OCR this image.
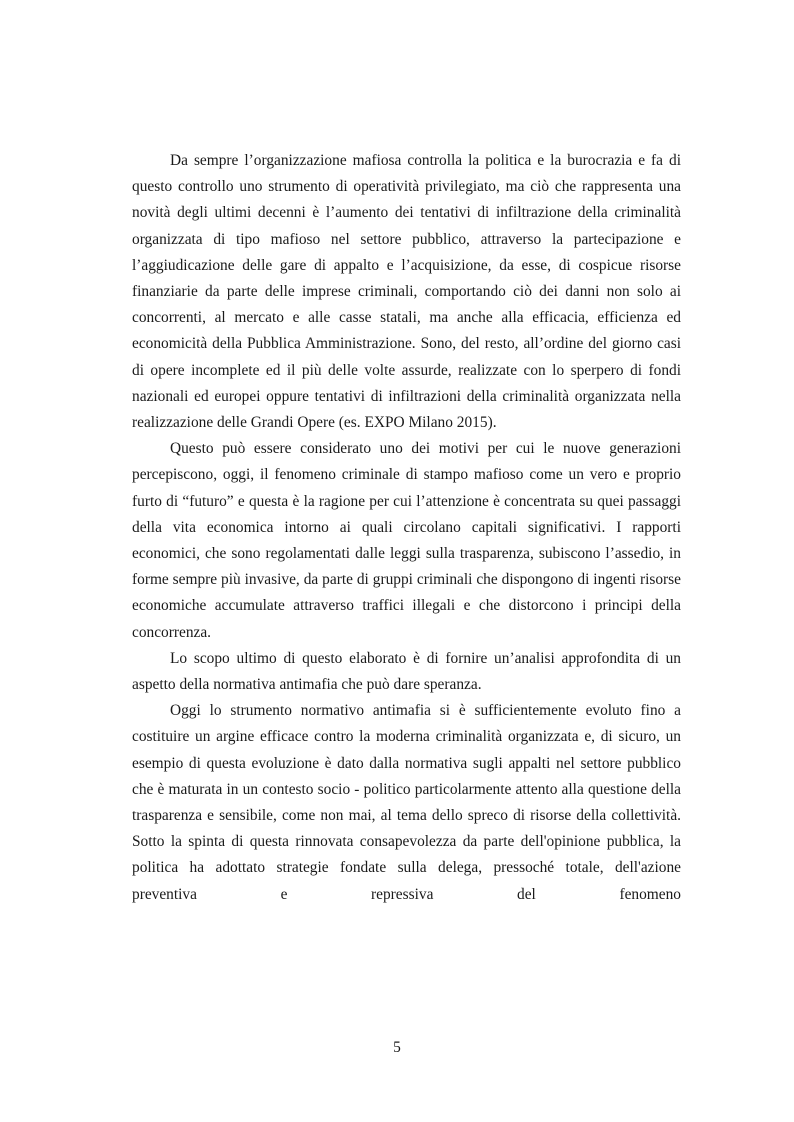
Da sempre l’organizzazione mafiosa controlla la politica e la burocrazia e fa di questo controllo uno strumento di operatività privilegiato, ma ciò che rappresenta una novità degli ultimi decenni è l’aumento dei tentativi di infiltrazione della criminalità organizzata di tipo mafioso nel settore pubblico, attraverso la partecipazione e l’aggiudicazione delle gare di appalto e l’acquisizione, da esse, di cospicue risorse finanziarie da parte delle imprese criminali, comportando ciò dei danni non solo ai concorrenti, al mercato e alle casse statali, ma anche alla efficacia, efficienza ed economicità della Pubblica Amministrazione. Sono, del resto, all’ordine del giorno casi di opere incomplete ed il più delle volte assurde, realizzate con lo sperpero di fondi nazionali ed europei oppure tentativi di infiltrazioni della criminalità organizzata nella realizzazione delle Grandi Opere (es. EXPO Milano 2015).

Questo può essere considerato uno dei motivi per cui le nuove generazioni percepiscono, oggi, il fenomeno criminale di stampo mafioso come un vero e proprio furto di “futuro” e questa è la ragione per cui l’attenzione è concentrata su quei passaggi della vita economica intorno ai quali circolano capitali significativi. I rapporti economici, che sono regolamentati dalle leggi sulla trasparenza, subiscono l’assedio, in forme sempre più invasive, da parte di gruppi criminali che dispongono di ingenti risorse economiche accumulate attraverso traffici illegali e che distorcono i principi della concorrenza.

Lo scopo ultimo di questo elaborato è di fornire un’analisi approfondita di un aspetto della normativa antimafia che può dare speranza.

Oggi lo strumento normativo antimafia si è sufficientemente evoluto fino a costituire un argine efficace contro la moderna criminalità organizzata e, di sicuro, un esempio di questa evoluzione è dato dalla normativa sugli appalti nel settore pubblico che è maturata in un contesto socio - politico particolarmente attento alla questione della trasparenza e sensibile, come non mai, al tema dello spreco di risorse della collettività. Sotto la spinta di questa rinnovata consapevolezza da parte dell'opinione pubblica, la politica ha adottato strategie fondate sulla delega, pressoché totale, dell'azione preventiva e repressiva del fenomeno

5
